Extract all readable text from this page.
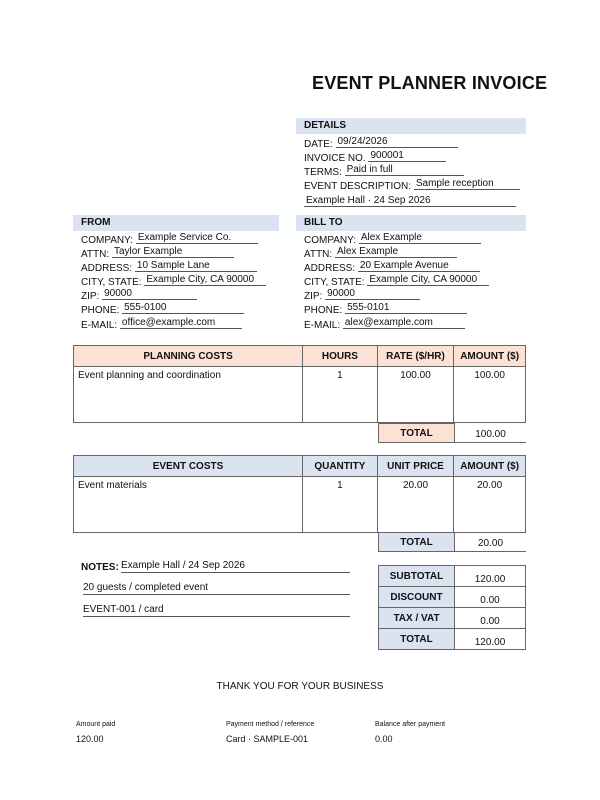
EVENT PLANNER INVOICE
DETAILS
DATE: 09/24/2026
INVOICE NO. 900001
TERMS: Paid in full
EVENT DESCRIPTION: Sample reception
Example Hall · 24 Sep 2026
FROM
COMPANY: Example Service Co.
ATTN: Taylor Example
ADDRESS: 10 Sample Lane
CITY, STATE: Example City, CA 90000
ZIP: 90000
PHONE: 555-0100
E-MAIL: office@example.com
BILL TO
COMPANY: Alex Example
ATTN: Alex Example
ADDRESS: 20 Example Avenue
CITY, STATE: Example City, CA 90000
ZIP: 90000
PHONE: 555-0101
E-MAIL: alex@example.com
PLANNING COSTS	HOURS	RATE ($/HR)	AMOUNT ($)
Event planning and coordination	1	100.00	100.00
TOTAL	100.00
EVENT COSTS	QUANTITY	UNIT PRICE	AMOUNT ($)
Event materials	1	20.00	20.00
TOTAL	20.00
NOTES: Example Hall / 24 Sep 2026
20 guests / completed event
EVENT-001 / card
SUBTOTAL	120.00
DISCOUNT	0.00
TAX / VAT	0.00
TOTAL	120.00
THANK YOU FOR YOUR BUSINESS
Amount paid
120.00
Payment method / reference
Card · SAMPLE-001
Balance after payment
0.00
